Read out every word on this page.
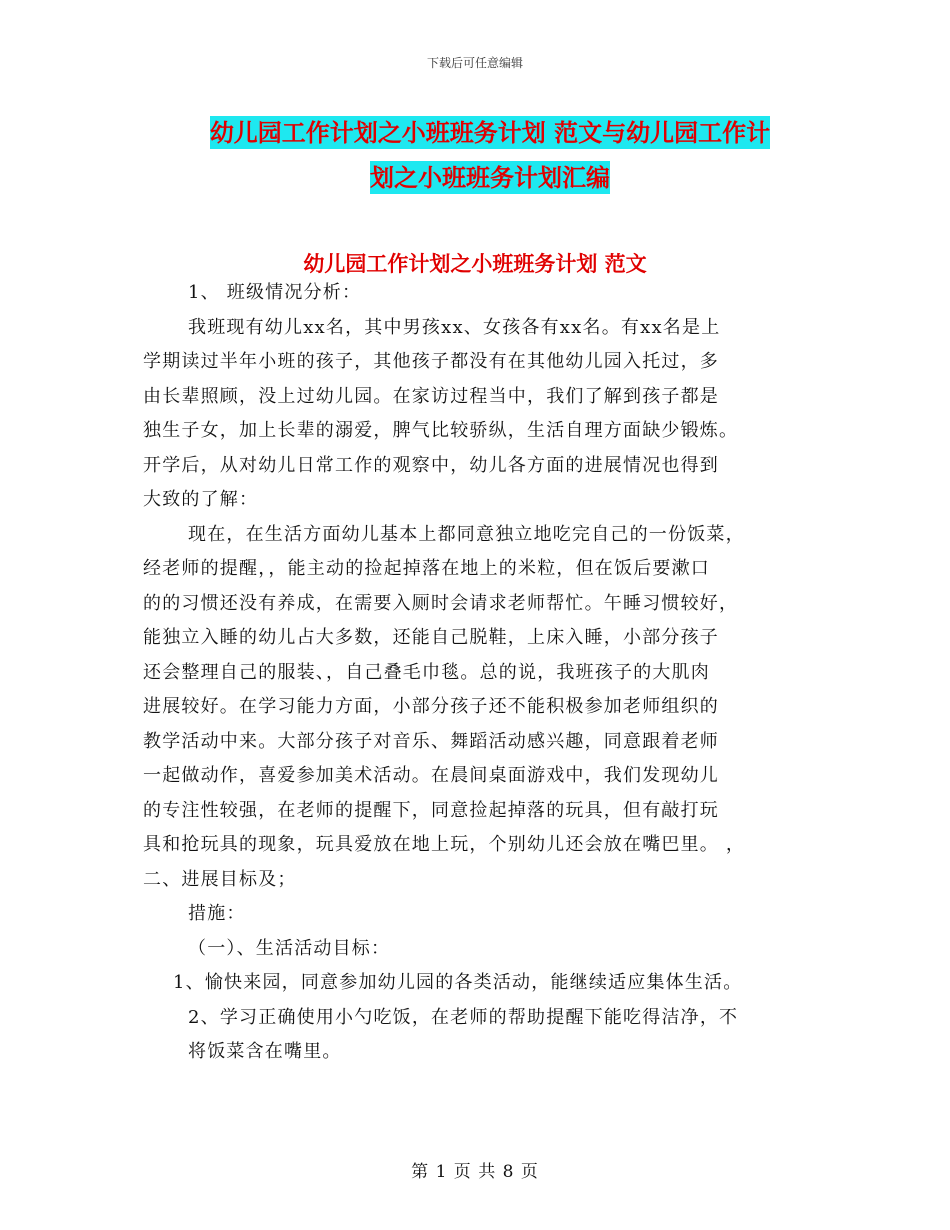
下载后可任意编辑
幼儿园工作计划之小班班务计划 范文与幼儿园工作计
划之小班班务计划汇编
幼儿园工作计划之小班班务计划 范文
1、 班级情况分析：
我班现有幼儿xx名，其中男孩xx、女孩各有xx名。有xx名是上
学期读过半年小班的孩子，其他孩子都没有在其他幼儿园入托过，多
由长辈照顾，没上过幼儿园。在家访过程当中，我们了解到孩子都是
独生子女，加上长辈的溺爱，脾气比较骄纵，生活自理方面缺少锻炼。
开学后，从对幼儿日常工作的观察中，幼儿各方面的进展情况也得到
大致的了解：
现在，在生活方面幼儿基本上都同意独立地吃完自己的一份饭菜，
经老师的提醒，，能主动的捡起掉落在地上的米粒，但在饭后要漱口
的的习惯还没有养成，在需要入厕时会请求老师帮忙。午睡习惯较好，
能独立入睡的幼儿占大多数，还能自己脱鞋，上床入睡，小部分孩子
还会整理自己的服装、，自己叠毛巾毯。总的说，我班孩子的大肌肉
进展较好。在学习能力方面，小部分孩子还不能积极参加老师组织的
教学活动中来。大部分孩子对音乐、舞蹈活动感兴趣，同意跟着老师
一起做动作，喜爱参加美术活动。在晨间桌面游戏中，我们发现幼儿
的专注性较强，在老师的提醒下，同意捡起掉落的玩具，但有敲打玩
具和抢玩具的现象，玩具爱放在地上玩，个别幼儿还会放在嘴巴里。 ，
二、进展目标及；
措施：
（一）、生活活动目标：
1、愉快来园，同意参加幼儿园的各类活动，能继续适应集体生活。
2、学习正确使用小勺吃饭，在老师的帮助提醒下能吃得洁净，不
将饭菜含在嘴里。
第 1 页 共 8 页
